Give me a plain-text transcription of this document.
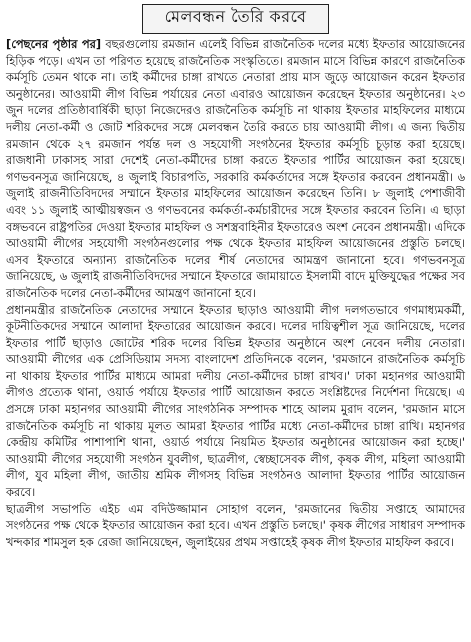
মেলবন্ধন তৈরি করবে

[পেছনের পৃষ্ঠার পর] বছরগুলোয় রমজান এলেই বিভিন্ন রাজনৈতিক দলের মধ্যে ইফতার আয়োজনের হিড়িক পড়ে। এখন তা পরিণত হয়েছে রাজনৈতিক সংস্কৃতিতে। রমজান মাসে বিভিন্ন কারণে রাজনৈতিক কর্মসূচি তেমন থাকে না। তাই কর্মীদের চাঙ্গা রাখতে নেতারা প্রায় মাস জুড়ে আয়োজন করেন ইফতার অনুষ্ঠানের। আওয়ামী লীগ বিভিন্ন পর্যায়ের নেতা এবারও আয়োজন করেছেন ইফতার অনুষ্ঠানের। ২৩ জুন দলের প্রতিষ্ঠাবার্ষিকী ছাড়া নিজেদেরও রাজনৈতিক কর্মসূচি না থাকায় ইফতার মাহফিলের মাধ্যমে দলীয় নেতা-কর্মী ও জোট শরিকদের সঙ্গে মেলবন্ধন তৈরি করতে চায় আওয়ামী লীগ। এ জন্য দ্বিতীয় রমজান থেকে ২৭ রমজান পর্যন্ত দল ও সহযোগী সংগঠনের ইফতার কর্মসূচি চূড়ান্ত করা হয়েছে। রাজধানী ঢাকাসহ সারা দেশেই নেতা-কর্মীদের চাঙ্গা করতে ইফতার পার্টির আয়োজন করা হয়েছে। গণভবনসূত্র জানিয়েছে, ৪ জুলাই বিচারপতি, সরকারি কর্মকর্তাদের সঙ্গে ইফতার করবেন প্রধানমন্ত্রী। ৬ জুলাই রাজনীতিবিদদের সম্মানে ইফতার মাহফিলের আয়োজন করেছেন তিনি। ৮ জুলাই পেশাজীবী এবং ১১ জুলাই আত্মীয়স্বজন ও গণভবনের কর্মকর্তা-কর্মচারীদের সঙ্গে ইফতার করবেন তিনি। এ ছাড়া বঙ্গভবনে রাষ্ট্রপতির দেওয়া ইফতার মাহফিল ও সশস্ত্রবাহিনীর ইফতারেও অংশ নেবেন প্রধানমন্ত্রী। এদিকে আওয়ামী লীগের সহযোগী সংগঠনগুলোর পক্ষ থেকে ইফতার মাহফিল আয়োজনের প্রস্তুতি চলছে। এসব ইফতারে অন্যান্য রাজনৈতিক দলের শীর্ষ নেতাদের আমন্ত্রণ জানানো হবে। গণভবনসূত্র জানিয়েছে, ৬ জুলাই রাজনীতিবিদদের সম্মানে ইফতারে জামায়াতে ইসলামী বাদে মুক্তিযুদ্ধের পক্ষের সব রাজনৈতিক দলের নেতা-কর্মীদের আমন্ত্রণ জানানো হবে।

প্রধানমন্ত্রীর রাজনৈতিক নেতাদের সম্মানে ইফতার ছাড়াও আওয়ামী লীগ দলগতভাবে গণমাধ্যমকর্মী, কূটনীতিকদের সম্মানে আলাদা ইফতারের আয়োজন করবে। দলের দায়িত্বশীল সূত্র জানিয়েছে, দলের ইফতার পার্টি ছাড়াও জোটের শরিক দলের বিভিন্ন ইফতার অনুষ্ঠানে অংশ নেবেন দলীয় নেতারা। আওয়ামী লীগের এক প্রেসিডিয়াম সদস্য বাংলাদেশ প্রতিদিনকে বলেন, 'রমজানে রাজনৈতিক কর্মসূচি না থাকায় ইফতার পার্টির মাধ্যমে আমরা দলীয় নেতা-কর্মীদের চাঙ্গা রাখব।' ঢাকা মহানগর আওয়ামী লীগও প্রত্যেক থানা, ওয়ার্ড পর্যায়ে ইফতার পার্টি আয়োজন করতে সংশ্লিষ্টদের নির্দেশনা দিয়েছে। এ প্রসঙ্গে ঢাকা মহানগর আওয়ামী লীগের সাংগঠনিক সম্পাদক শাহে আলম মুরাদ বলেন, 'রমজান মাসে রাজনৈতিক কর্মসূচি না থাকায় মূলত আমরা ইফতার পার্টির মধ্যে নেতা-কর্মীদের চাঙ্গা রাখি। মহানগর কেন্দ্রীয় কমিটির পাশাপাশি থানা, ওয়ার্ড পর্যায়ে নিয়মিত ইফতার অনুষ্ঠানের আয়োজন করা হচ্ছে।' আওয়ামী লীগের সহযোগী সংগঠন যুবলীগ, ছাত্রলীগ, স্বেচ্ছাসেবক লীগ, কৃষক লীগ, মহিলা আওয়ামী লীগ, যুব মহিলা লীগ, জাতীয় শ্রমিক লীগসহ বিভিন্ন সংগঠনও আলাদা ইফতার পার্টির আয়োজন করবে।

ছাত্রলীগ সভাপতি এইচ এম বদিউজ্জামান সোহাগ বলেন, 'রমজানের দ্বিতীয় সপ্তাহে আমাদের সংগঠনের পক্ষ থেকে ইফতার আয়োজন করা হবে। এখন প্রস্তুতি চলছে।' কৃষক লীগের সাধারণ সম্পাদক খন্দকার শামসুল হক রেজা জানিয়েছেন, জুলাইয়ের প্রথম সপ্তাহেই কৃষক লীগ ইফতার মাহফিল করবে।
